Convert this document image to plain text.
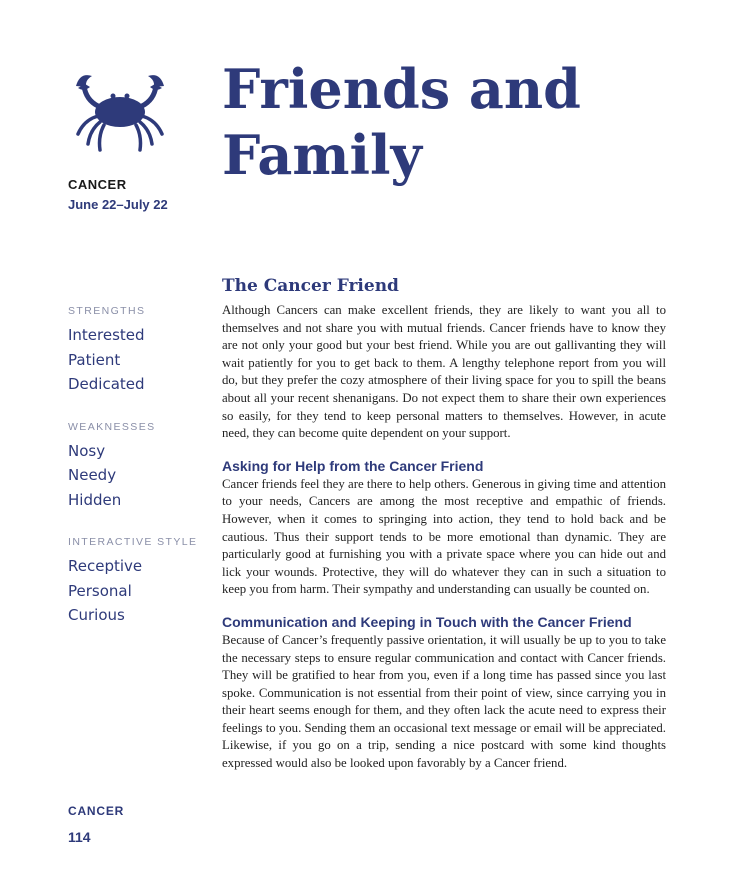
CANCER

June 22–July 22

Friends and
Family

STRENGTHS

Interested
Patient
Dedicated

WEAKNESSES

Nosy
Needy
Hidden

INTERACTIVE STYLE

Receptive
Personal
Curious
The Cancer Friend

Although Cancers can make excellent friends, they are likely to want you all to themselves and not share you with mutual friends. Cancer friends have to know they are not only your good but your best friend. While you are out gallivanting they will wait patiently for you to get back to them. A lengthy telephone report from you will do, but they prefer the cozy atmosphere of their living space for you to spill the beans about all your recent shenanigans. Do not expect them to share their own experiences so easily, for they tend to keep personal matters to themselves. However, in acute need, they can become quite dependent on your support.

Asking for Help from the Cancer Friend

Cancer friends feel they are there to help others. Generous in giving time and attention to your needs, Cancers are among the most receptive and empathic of friends. However, when it comes to springing into action, they tend to hold back and be cautious. Thus their support tends to be more emotional than dynamic. They are particularly good at furnishing you with a private space where you can hide out and lick your wounds. Protective, they will do whatever they can in such a situation to keep you from harm. Their sympathy and understanding can usually be counted on.

Communication and Keeping in Touch with the Cancer Friend

Because of Cancer’s frequently passive orientation, it will usually be up to you to take the necessary steps to ensure regular communication and contact with Cancer friends. They will be gratified to hear from you, even if a long time has passed since you last spoke. Communication is not essential from their point of view, since carrying you in their heart seems enough for them, and they often lack the acute need to express their feelings to you. Sending them an occasional text message or email will be appreciated. Likewise, if you go on a trip, sending a nice postcard with some kind thoughts expressed would also be looked upon favorably by a Cancer friend.

CANCER

114
